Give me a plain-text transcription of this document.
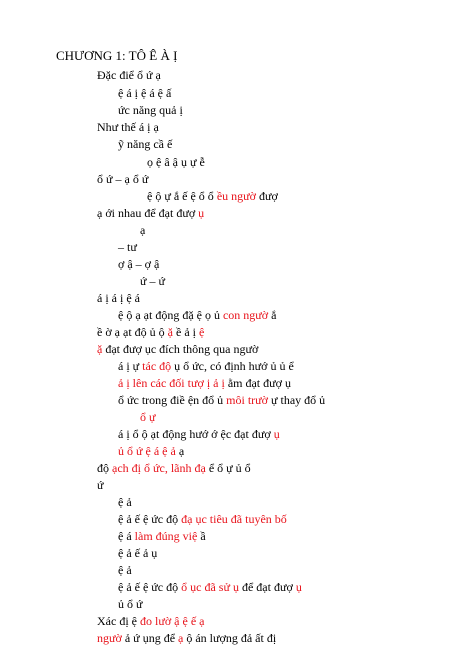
CHƯƠNG 1: TÔ Ê À Ị
Đặc điể ổ ứ ạ
ệ á ị ệ á ệ ấ
ức năng quả ị
Như thế á ị ạ
ỹ năng cầ ế
ọ ệ â ậ ụ ự ễ
ổ ứ – ạ ổ ứ
ệ ộ ự ắ ế ệ ổ ổ ều ngườ đượ
ạ ới nhau để đạt đượ ụ
ạ
– tư
ợ ậ – ợ ậ
ứ – ứ
á ị á ị ệ á
ệ ộ ạ ạt động đặ ệ ọ ủ con ngườ ắ
ề ờ ạ ạt độ ủ ộ ặ ề ả ị ệ
ặ đạt đượ ục đích thông qua ngườ
á ị ự tác độ ụ ổ ức, có định hướ ủ ủ ể
ả ị lên các đối tượ ị ả ị ằm đạt đượ ụ
ổ ức trong điề ện đổ ủ môi trườ ự thay đổ ủ
ổ ự
á ị ổ ộ ạt động hướ ớ ệc đạt đượ ụ
ủ ổ ứ ệ á ệ ả ạ
độ ạch đị ổ ức, lãnh đạ ể ổ ự ủ ổ
ứ
ệ ả
ệ ả ế ệ ức độ đạ ục tiêu đã tuyên bố
ệ á làm đúng việ ầ
ệ ả ế ả ụ
ệ ả
ệ ả ế ệ ức độ ổ ục đã sử ụ để đạt đượ ụ
ủ ổ ứ
Xác đị ệ đo lườ ậ ệ ế ạ
ngườ ả ứ ụng để ạ ộ án lượng đả ất đị
